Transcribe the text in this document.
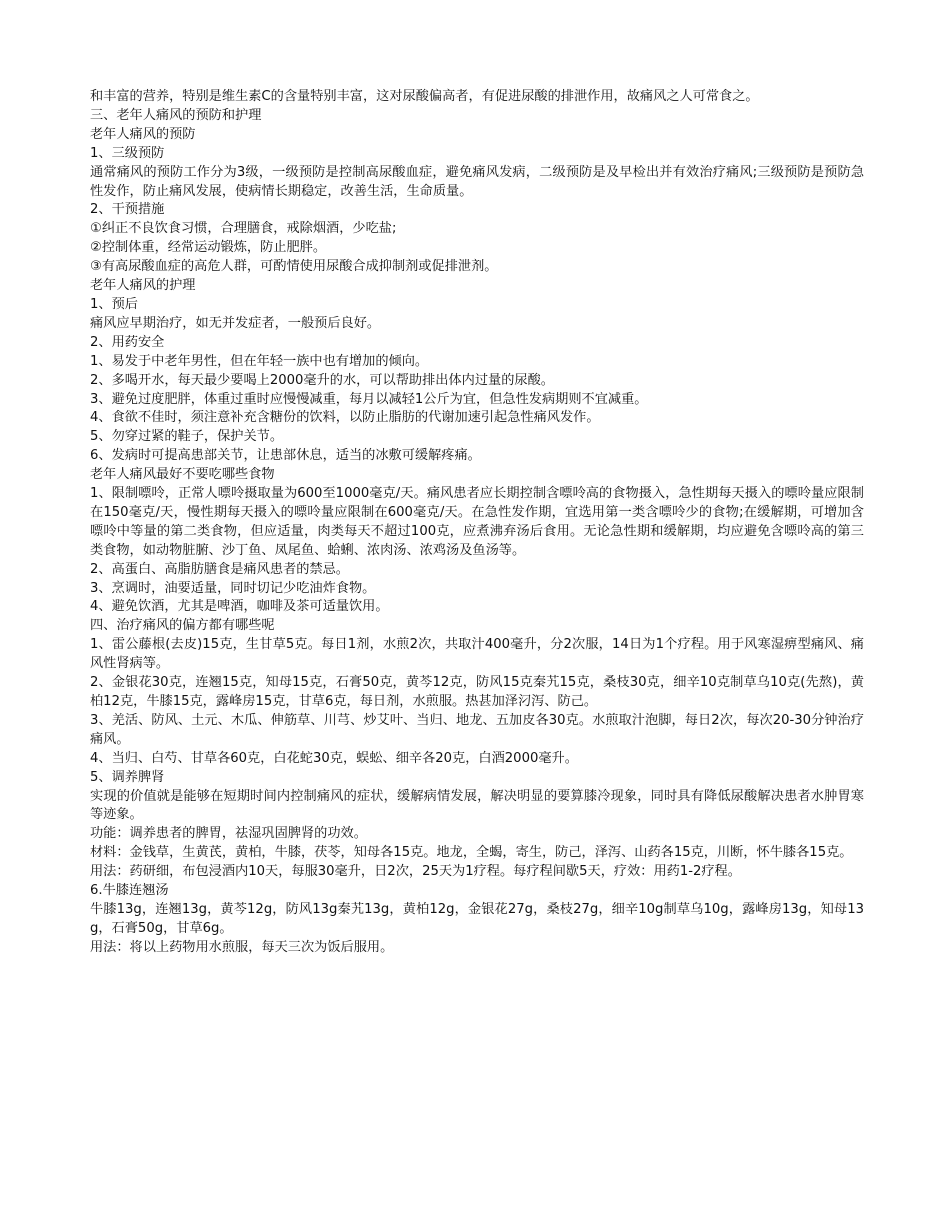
和丰富的营养，特别是维生素C的含量特别丰富，这对尿酸偏高者，有促进尿酸的排泄作用，故痛风之人可常食之。

三、老年人痛风的预防和护理

老年人痛风的预防

1、三级预防

通常痛风的预防工作分为3级，一级预防是控制高尿酸血症，避免痛风发病，二级预防是及早检出并有效治疗痛风;三级预防是预防急性发作，防止痛风发展，使病情长期稳定，改善生活，生命质量。

2、干预措施

①纠正不良饮食习惯，合理膳食，戒除烟酒，少吃盐;

②控制体重，经常运动锻炼，防止肥胖。

③有高尿酸血症的高危人群，可酌情使用尿酸合成抑制剂或促排泄剂。

老年人痛风的护理

1、预后

痛风应早期治疗，如无并发症者，一般预后良好。

2、用药安全

1、易发于中老年男性，但在年轻一族中也有增加的倾向。

2、多喝开水，每天最少要喝上2000毫升的水，可以帮助排出体内过量的尿酸。

3、避免过度肥胖，体重过重时应慢慢减重，每月以减轻1公斤为宜，但急性发病期则不宜减重。

4、食欲不佳时，须注意补充含糖份的饮料，以防止脂肪的代谢加速引起急性痛风发作。

5、勿穿过紧的鞋子，保护关节。

6、发病时可提高患部关节，让患部休息，适当的冰敷可缓解疼痛。

老年人痛风最好不要吃哪些食物

1、限制嘌呤，正常人嘌呤摄取量为600至1000毫克/天。痛风患者应长期控制含嘌呤高的食物摄入，急性期每天摄入的嘌呤量应限制在150毫克/天，慢性期每天摄入的嘌呤量应限制在600毫克/天。在急性发作期，宜选用第一类含嘌呤少的食物;在缓解期，可增加含嘌呤中等量的第二类食物，但应适量，肉类每天不超过100克，应煮沸弃汤后食用。无论急性期和缓解期，均应避免含嘌呤高的第三类食物，如动物脏腑、沙丁鱼、凤尾鱼、蛤蜊、浓肉汤、浓鸡汤及鱼汤等。

2、高蛋白、高脂肪膳食是痛风患者的禁忌。

3、烹调时，油要适量，同时切记少吃油炸食物。

4、避免饮酒，尤其是啤酒，咖啡及茶可适量饮用。

四、治疗痛风的偏方都有哪些呢

1、雷公藤根(去皮)15克，生甘草5克。每日1剂，水煎2次，共取汁400毫升，分2次服，14日为1个疗程。用于风寒湿痹型痛风、痛风性肾病等。

2、金银花30克，连翘15克，知母15克，石膏50克，黄芩12克，防风15克秦艽15克，桑枝30克，细辛10克制草乌10克(先熬)，黄柏12克，牛膝15克，露峰房15克，甘草6克，每日剂，水煎服。热甚加泽汈泻、防己。

3、羌活、防风、土元、木瓜、伸筋草、川芎、炒艾叶、当归、地龙、五加皮各30克。水煎取汁泡脚，每日2次，每次20-30分钟治疗痛风。

4、当归、白芍、甘草各60克，白花蛇30克，蜈蚣、细辛各20克，白酒2000毫升。

5、调养脾肾

实现的价值就是能够在短期时间内控制痛风的症状，缓解病情发展，解决明显的要算膝冷现象，同时具有降低尿酸解决患者水肿胃寒等迹象。

功能：调养患者的脾胃，祛湿巩固脾肾的功效。

材料：金钱草，生黄芪，黄柏，牛膝，茯苓，知母各15克。地龙，全蝎，寄生，防己，泽泻、山药各15克，川断，怀牛膝各15克。

用法：药研细，布包浸酒内10天，每服30毫升，日2次，25天为1疗程。每疗程间歇5天，疗效：用药1-2疗程。

6.牛膝连翘汤

牛膝13g，连翘13g，黄芩12g，防风13g秦艽13g，黄柏12g，金银花27g，桑枝27g，细辛10g制草乌10g，露峰房13g，知母13g，石膏50g，甘草6g。

用法：将以上药物用水煎服，每天三次为饭后服用。
